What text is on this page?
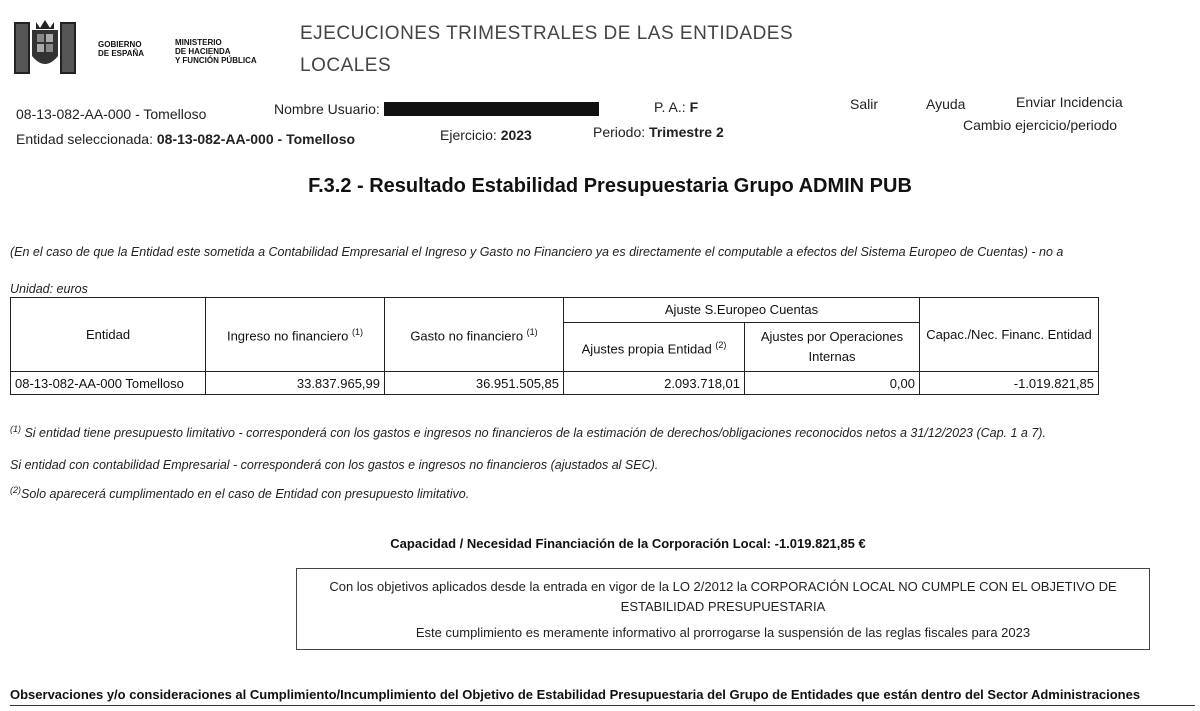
GOBIERNO
DE ESPAÑA
MINISTERIO
DE HACIENDA
Y FUNCIÓN PÚBLICA
EJECUCIONES TRIMESTRALES DE LAS ENTIDADES LOCALES
08-13-082-AA-000 - Tomelloso	Nombre Usuario:	P. A.: F
Entidad seleccionada: 08-13-082-AA-000 - Tomelloso	Ejercicio: 2023	Periodo: Trimestre 2
Salir	Ayuda	Enviar Incidencia
Cambio ejercicio/periodo
F.3.2 - Resultado Estabilidad Presupuestaria Grupo ADMIN PUB
(En el caso de que la Entidad este sometida a Contabilidad Empresarial el Ingreso y Gasto no Financiero ya es directamente el computable a efectos del Sistema Europeo de Cuentas) - no a
Unidad: euros
Entidad	Ingreso no financiero $^{(1)}$	Gasto no financiero $^{(1)}$	Ajuste S.Europeo Cuentas		Capac./Nec. Financ. Entidad
			Ajustes propia Entidad $^{(2)}$	Ajustes por Operaciones Internas	
08-13-082-AA-000 Tomelloso	33.837.965,99	36.951.505,85	2.093.718,01	0,00	-1.019.821,85
$^{(1)}$ Si entidad tiene presupuesto limitativo - corresponderá con los gastos e ingresos no financieros de la estimación de derechos/obligaciones reconocidos netos a 31/12/2023 (Cap. 1 a 7).
Si entidad con contabilidad Empresarial - corresponderá con los gastos e ingresos no financieros (ajustados al SEC).
$^{(2)}$Solo aparecerá cumplimentado en el caso de Entidad con presupuesto limitativo.
Capacidad / Necesidad Financiación de la Corporación Local: -1.019.821,85 €
Con los objetivos aplicados desde la entrada en vigor de la LO 2/2012 la CORPORACIÓN LOCAL NO CUMPLE CON EL OBJETIVO DE ESTABILIDAD PRESUPUESTARIA
Este cumplimiento es meramente informativo al prorrogarse la suspensión de las reglas fiscales para 2023
Observaciones y/o consideraciones al Cumplimiento/Incumplimiento del Objetivo de Estabilidad Presupuestaria del Grupo de Entidades que están dentro del Sector Administraciones
